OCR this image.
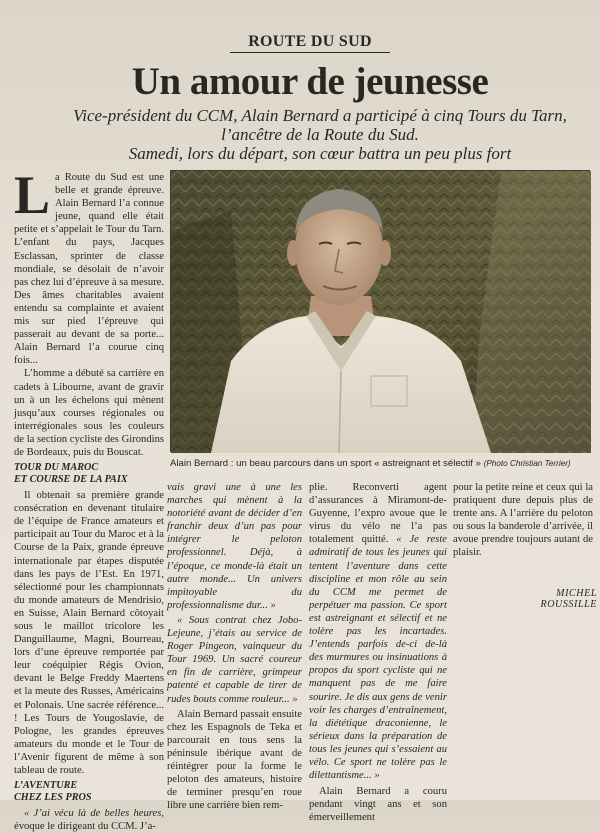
ROUTE DU SUD
Un amour de jeunesse
Vice-président du CCM, Alain Bernard a participé à cinq Tours du Tarn,
l’ancêtre de la Route du Sud.
Samedi, lors du départ, son cœur battra un peu plus fort

La Route du Sud est une belle et grande épreuve. Alain Bernard l’a connue jeune, quand elle était petite et s’appelait le Tour du Tarn. L’enfant du pays, Jacques Esclassan, sprinter de classe mondiale, se désolait de n’avoir pas chez lui d’épreuve à sa mesure. Des âmes charitables avaient entendu sa complainte et avaient mis sur pied l’épreuve qui passerait au devant de sa porte... Alain Bernard l’a courue cinq fois...

L’homme a débuté sa carrière en cadets à Libourne, avant de gravir un à un les échelons qui mènent jusqu’aux courses régionales ou interrégionales sous les couleurs de la section cycliste des Girondins de Bordeaux, puis du Bouscat.

TOUR DU MAROC
ET COURSE DE LA PAIX

Il obtenait sa première grande consécration en devenant titulaire de l’équipe de France amateurs et participait au Tour du Maroc et à la Course de la Paix, grande épreuve internationale par étapes disputée dans les pays de l’Est. En 1971, sélectionné pour les championnats du monde amateurs de Mendrisio, en Suisse, Alain Bernard côtoyait sous le maillot tricolore les Danguillaume, Magni, Bourreau, lors d’une épreuve remportée par leur coéquipier Régis Ovion, devant le Belge Freddy Maertens et la meute des Russes, Américains et Polonais. Une sacrée référence... ! Les Tours de Yougoslavie, de Pologne, les grandes épreuves amateurs du monde et le Tour de l’Avenir figurent de même à son tableau de route.

L’AVENTURE
CHEZ LES PROS

« J’ai vécu là de belles heures, évoque le dirigeant du CCM. J’a-

Alain Bernard : un beau parcours dans un sport « astreignant et sélectif » (Photo Christian Terrier)

vais gravi une à une les marches qui mènent à la notoriété avant de décider d’en franchir deux d’un pas pour intégrer le peloton professionnel. Déjà, à l’époque, ce monde-là était un autre monde... Un univers impitoyable du professionnalisme dur... »

« Sous contrat chez Jobo-Lejeune, j’étais au service de Roger Pingeon, vainqueur du Tour 1969. Un sacré coureur en fin de carrière, grimpeur patenté et capable de tirer de rudes bouts comme rouleur... »

Alain Bernard passait ensuite chez les Espagnols de Teka et parcourait en tous sens la péninsule ibérique avant de réintégrer pour la forme le peloton des amateurs, histoire de terminer presqu’en roue libre une carrière bien rem-

plie. Reconverti agent d’assurances à Miramont-de-Guyenne, l’expro avoue que le virus du vélo ne l’a pas totalement quitté. « Je reste admiratif de tous les jeunes qui tentent l’aventure dans cette discipline et mon rôle au sein du CCM me permet de perpétuer ma passion. Ce sport est astreignant et sélectif et ne tolère pas les incartades. J’entends parfois de-ci de-là des murmures ou insinuations à propos du sport cycliste qui ne manquent pas de me faire sourire. Je dis aux gens de venir voir les charges d’entraînement, la diététique draconienne, le sérieux dans la préparation de tous les jeunes qui s’essaient au vélo. Ce sport ne tolère pas le dilettantisme... »

Alain Bernard a couru pendant vingt ans et son émerveillement

pour la petite reine et ceux qui la pratiquent dure depuis plus de trente ans. A l’arrière du peloton ou sous la banderole d’arrivée, il avoue prendre toujours autant de plaisir.

MICHEL ROUSSILLE
